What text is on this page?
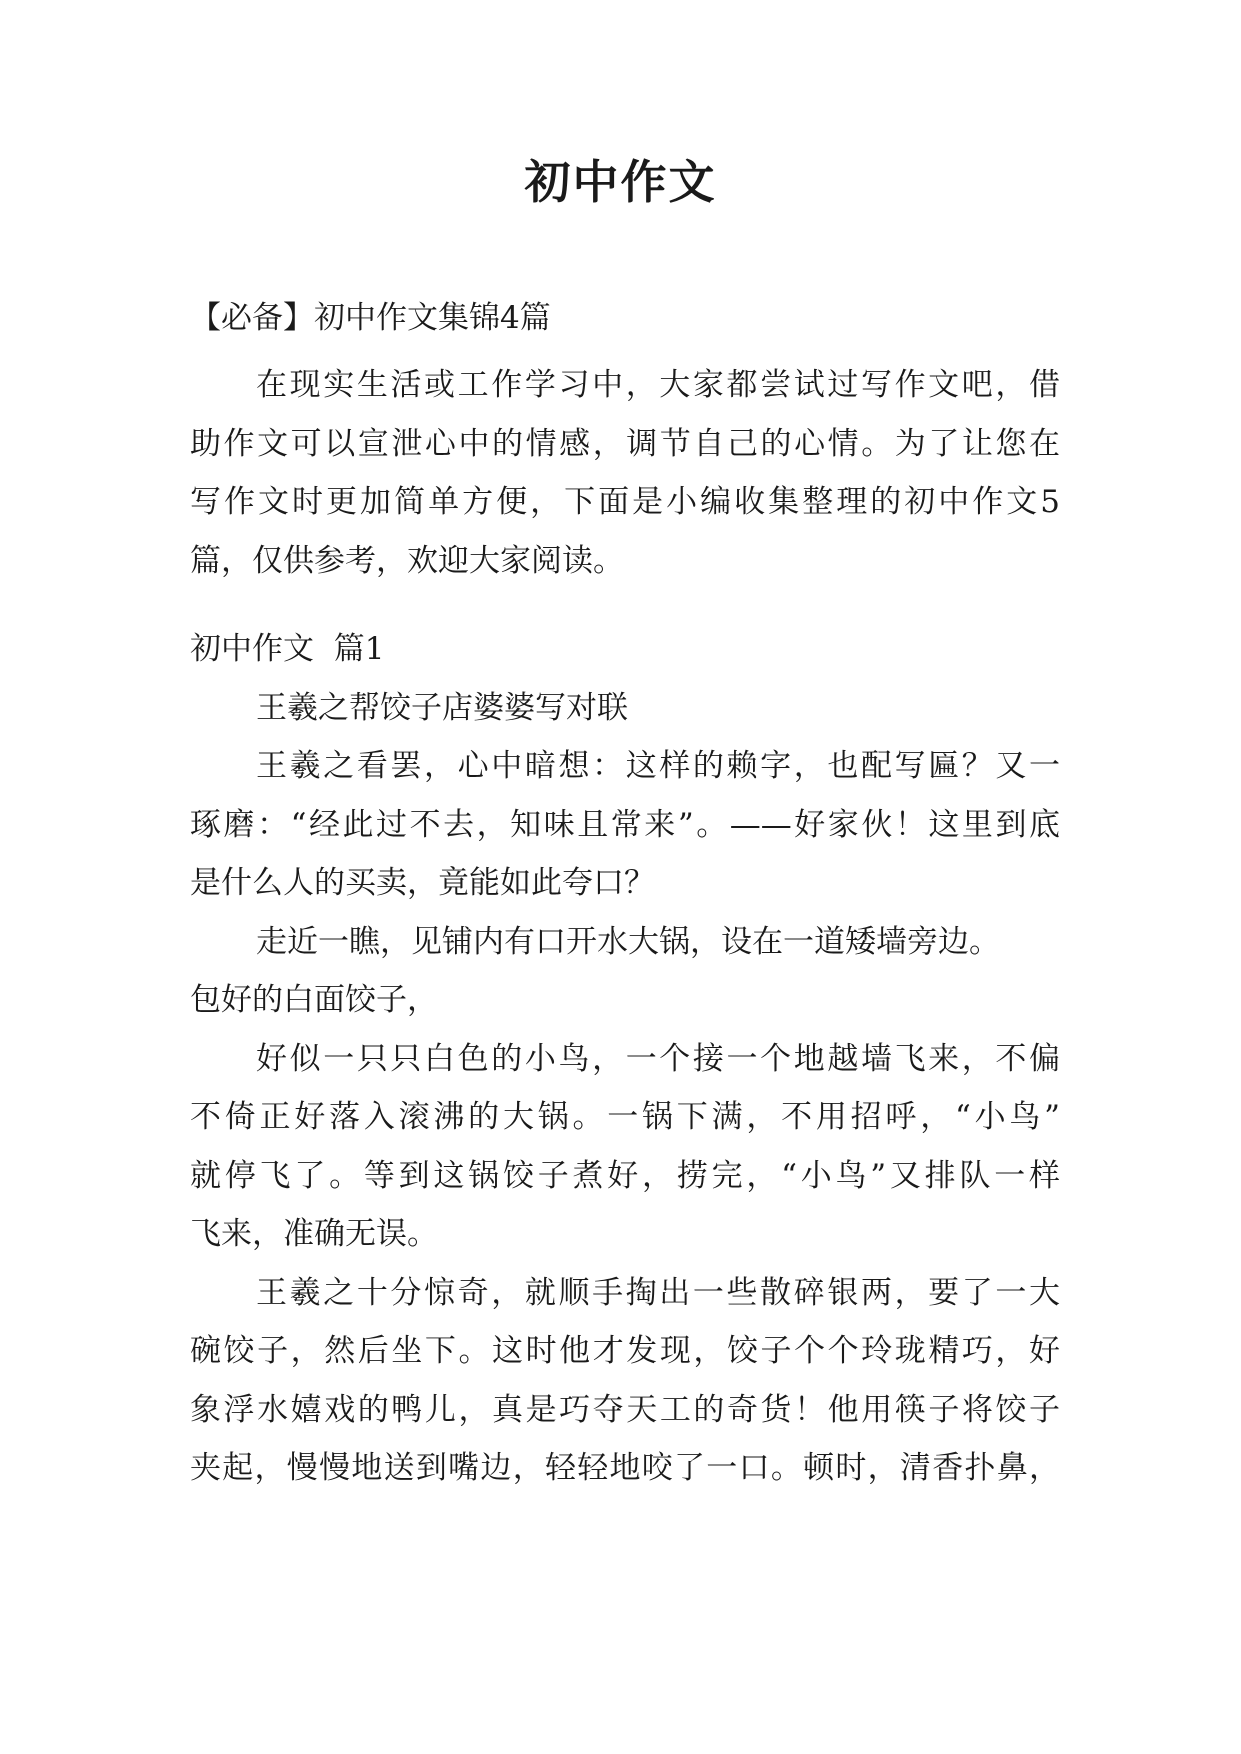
初中作文
【必备】初中作文集锦4篇
在现实生活或工作学习中，大家都尝试过写作文吧，借
助作文可以宣泄心中的情感，调节自己的心情。为了让您在
写作文时更加简单方便，下面是小编收集整理的初中作文5
篇，仅供参考，欢迎大家阅读。
初中作文  篇1
王羲之帮饺子店婆婆写对联
王羲之看罢，心中暗想：这样的赖字，也配写匾？又一
琢磨：“经此过不去，知味且常来”。——好家伙！这里到底
是什么人的买卖，竟能如此夸口？
走近一瞧，见铺内有口开水大锅，设在一道矮墙旁边。
包好的白面饺子，
好似一只只白色的小鸟，一个接一个地越墙飞来，不偏
不倚正好落入滚沸的大锅。一锅下满，不用招呼，“小鸟”
就停飞了。等到这锅饺子煮好，捞完，“小鸟”又排队一样
飞来，准确无误。
王羲之十分惊奇，就顺手掏出一些散碎银两，要了一大
碗饺子，然后坐下。这时他才发现，饺子个个玲珑精巧，好
象浮水嬉戏的鸭儿，真是巧夺天工的奇货！他用筷子将饺子
夹起，慢慢地送到嘴边，轻轻地咬了一口。顿时，清香扑鼻，
